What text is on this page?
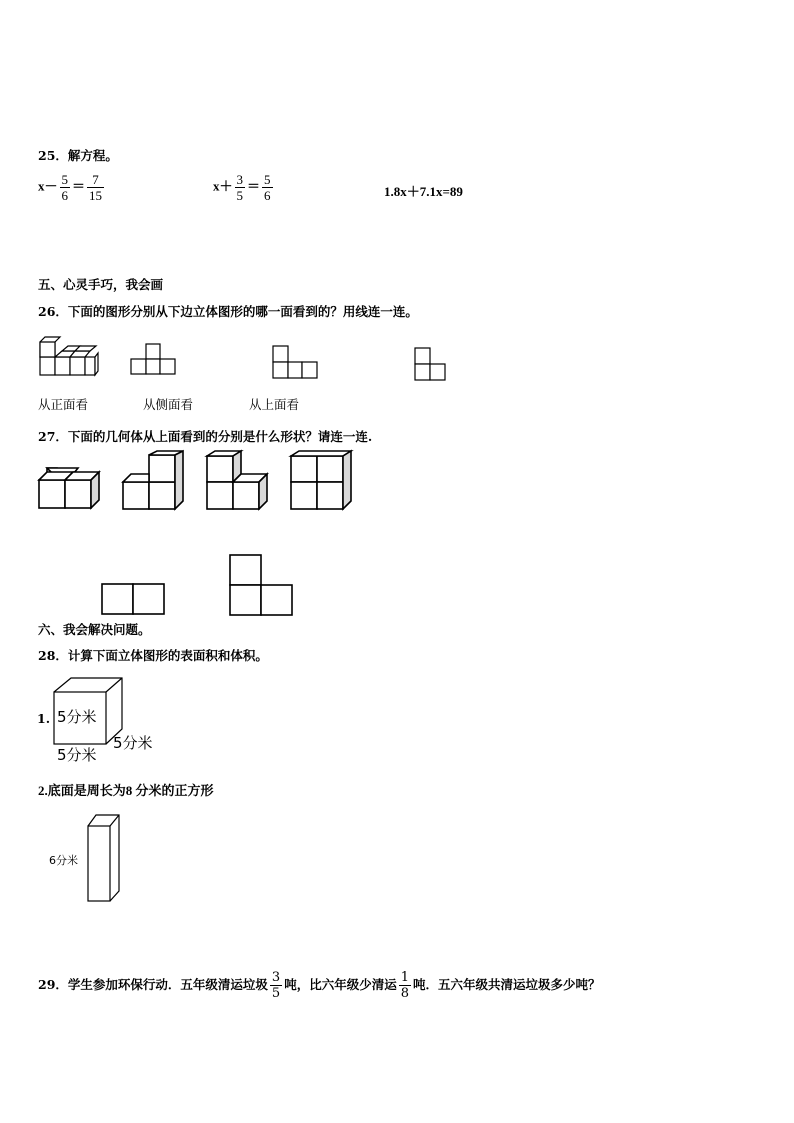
25．解方程。
$x- \frac{5}{6} = \frac{7}{15}$	$x+ \frac{3}{5} = \frac{5}{6}$	1.8x＋7.1x=89
五、心灵手巧，我会画
26．下面的图形分别从下边立体图形的哪一面看到的？用线连一连。
从正面看	从侧面看	从上面看
27．下面的几何体从上面看到的分别是什么形状？请连一连.
六、我会解决问题。
28．计算下面立体图形的表面积和体积。
1. 5分米
5分米
5分米
2.底面是周长为8 分米的正方形
6分米
29．学生参加环保行动．五年级清运垃圾 $\frac{3}{5}$ 吨，比六年级少清运 $\frac{1}{8}$ 吨．五六年级共清运垃圾多少吨？
